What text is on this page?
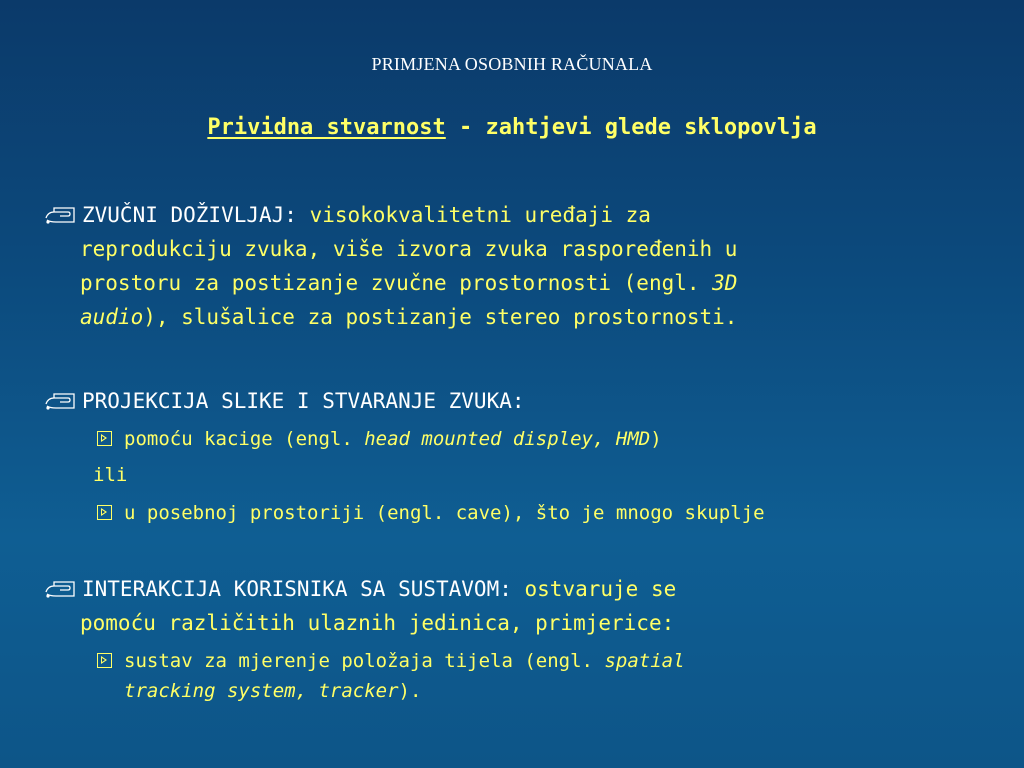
PRIMJENA OSOBNIH RAČUNALA
Prividna stvarnost - zahtjevi glede sklopovlja
ZVUČNI DOŽIVLJAJ: visokokvalitetni uređaji za
reprodukciju zvuka, više izvora zvuka raspoređenih u
prostoru za postizanje zvučne prostornosti (engl. 3D
audio), slušalice za postizanje stereo prostornosti.
PROJEKCIJA SLIKE I STVARANJE ZVUKA:
pomoću kacige (engl. head mounted displey, HMD)
ili
u posebnoj prostoriji (engl. cave), što je mnogo skuplje
INTERAKCIJA KORISNIKA SA SUSTAVOM: ostvaruje se
pomoću različitih ulaznih jedinica, primjerice:
sustav za mjerenje položaja tijela (engl. spatial
tracking system, tracker).
